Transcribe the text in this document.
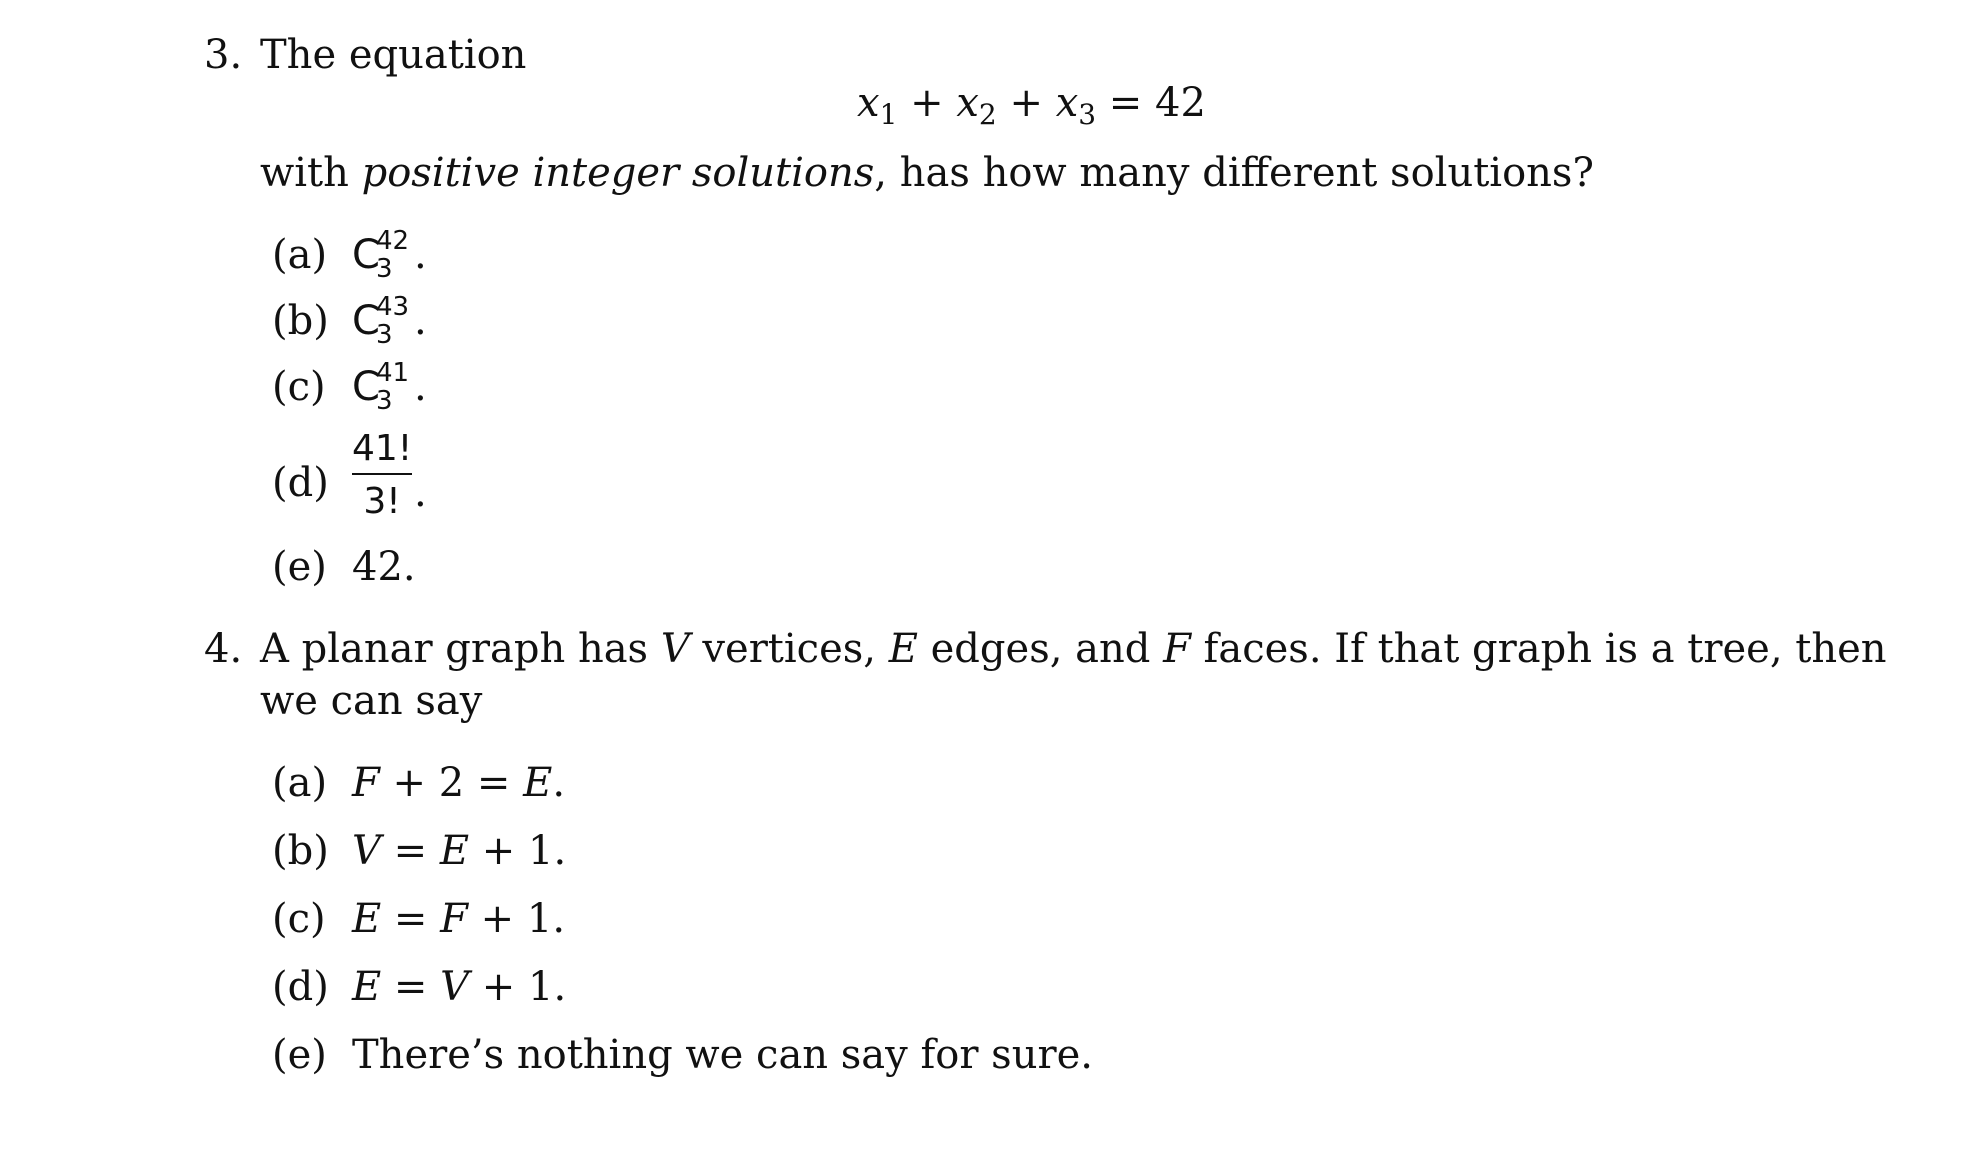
3. The equation
$x_1 + x_2 + x_3 = 42$
with positive integer solutions, has how many different solutions?
(a) C
42
3 .
(b) C
43
3 .
(c) C
41
3 .
(d)
41!
3! .
(e) 42.
4. A planar graph has V vertices, E edges, and F faces. If that graph is a tree, then
we can say
(a) F + 2 = E.
(b) V = E + 1.
(c) E = F + 1.
(d) E = V + 1.
(e) There’s nothing we can say for sure.
